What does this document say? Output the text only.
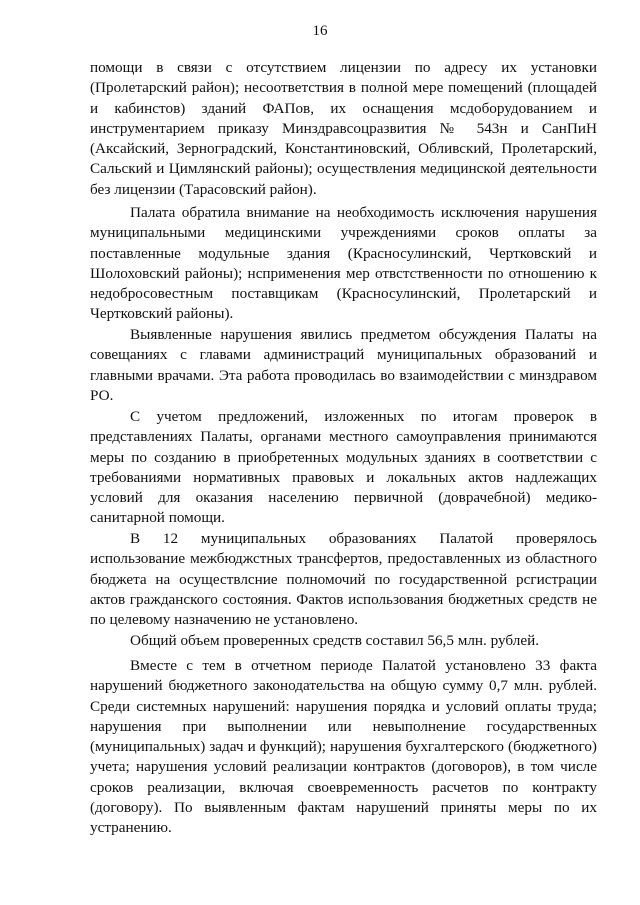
16

помощи в связи с отсутствием лицензии по адресу их установки (Пролетарский район); несоответствия в полной мере помещений (площадей и кабинстов) зданий ФАПов, их оснащения мсдоборудованием и инструментарием приказу Минздравсоцразвития № 543н и СанПиН (Аксайский, Зерноградский, Константиновский, Обливский, Пролетарский, Сальский и Цимлянский районы); осуществления медицинской деятельности без лицензии (Тарасовский район).

Палата обратила внимание на необходимость исключения нарушения муниципальными медицинскими учреждениями сроков оплаты за поставленные модульные здания (Красносулинский, Чертковский и Шолоховский районы); нсприменения мер отвстственности по отношению к недобросовестным поставщикам (Красносулинский, Пролетарский и Чертковский районы).

Выявленные нарушения явились предметом обсуждения Палаты на совещаниях с главами администраций муниципальных образований и главными врачами. Эта работа проводилась во взаимодействии с минздравом РО.

С учетом предложений, изложенных по итогам проверок в представлениях Палаты, органами местного самоуправления принимаются меры по созданию в приобретенных модульных зданиях в соответствии с требованиями нормативных правовых и локальных актов надлежащих условий для оказания населению первичной (доврачебной) медико-санитарной помощи.

В 12 муниципальных образованиях Палатой проверялось использование межбюджстных трансфертов, предоставленных из областного бюджета на осуществлсние полномочий по государственной рсгистрации актов гражданского состояния. Фактов использования бюджетных средств не по целевому назначению не установлено.

Общий объем проверенных средств составил 56,5 млн. рублей.

Вместе с тем в отчетном периоде Палатой установлено 33 факта нарушений бюджетного законодательства на общую сумму 0,7 млн. рублей. Среди системных нарушений: нарушения порядка и условий оплаты труда; нарушения при выполнении или невыполнение государственных (муниципальных) задач и функций); нарушения бухгалтерского (бюджетного) учета; нарушения условий реализации контрактов (договоров), в том числе сроков реализации, включая своевременность расчетов по контракту (договору). По выявленным фактам нарушений приняты меры по их устранению.
